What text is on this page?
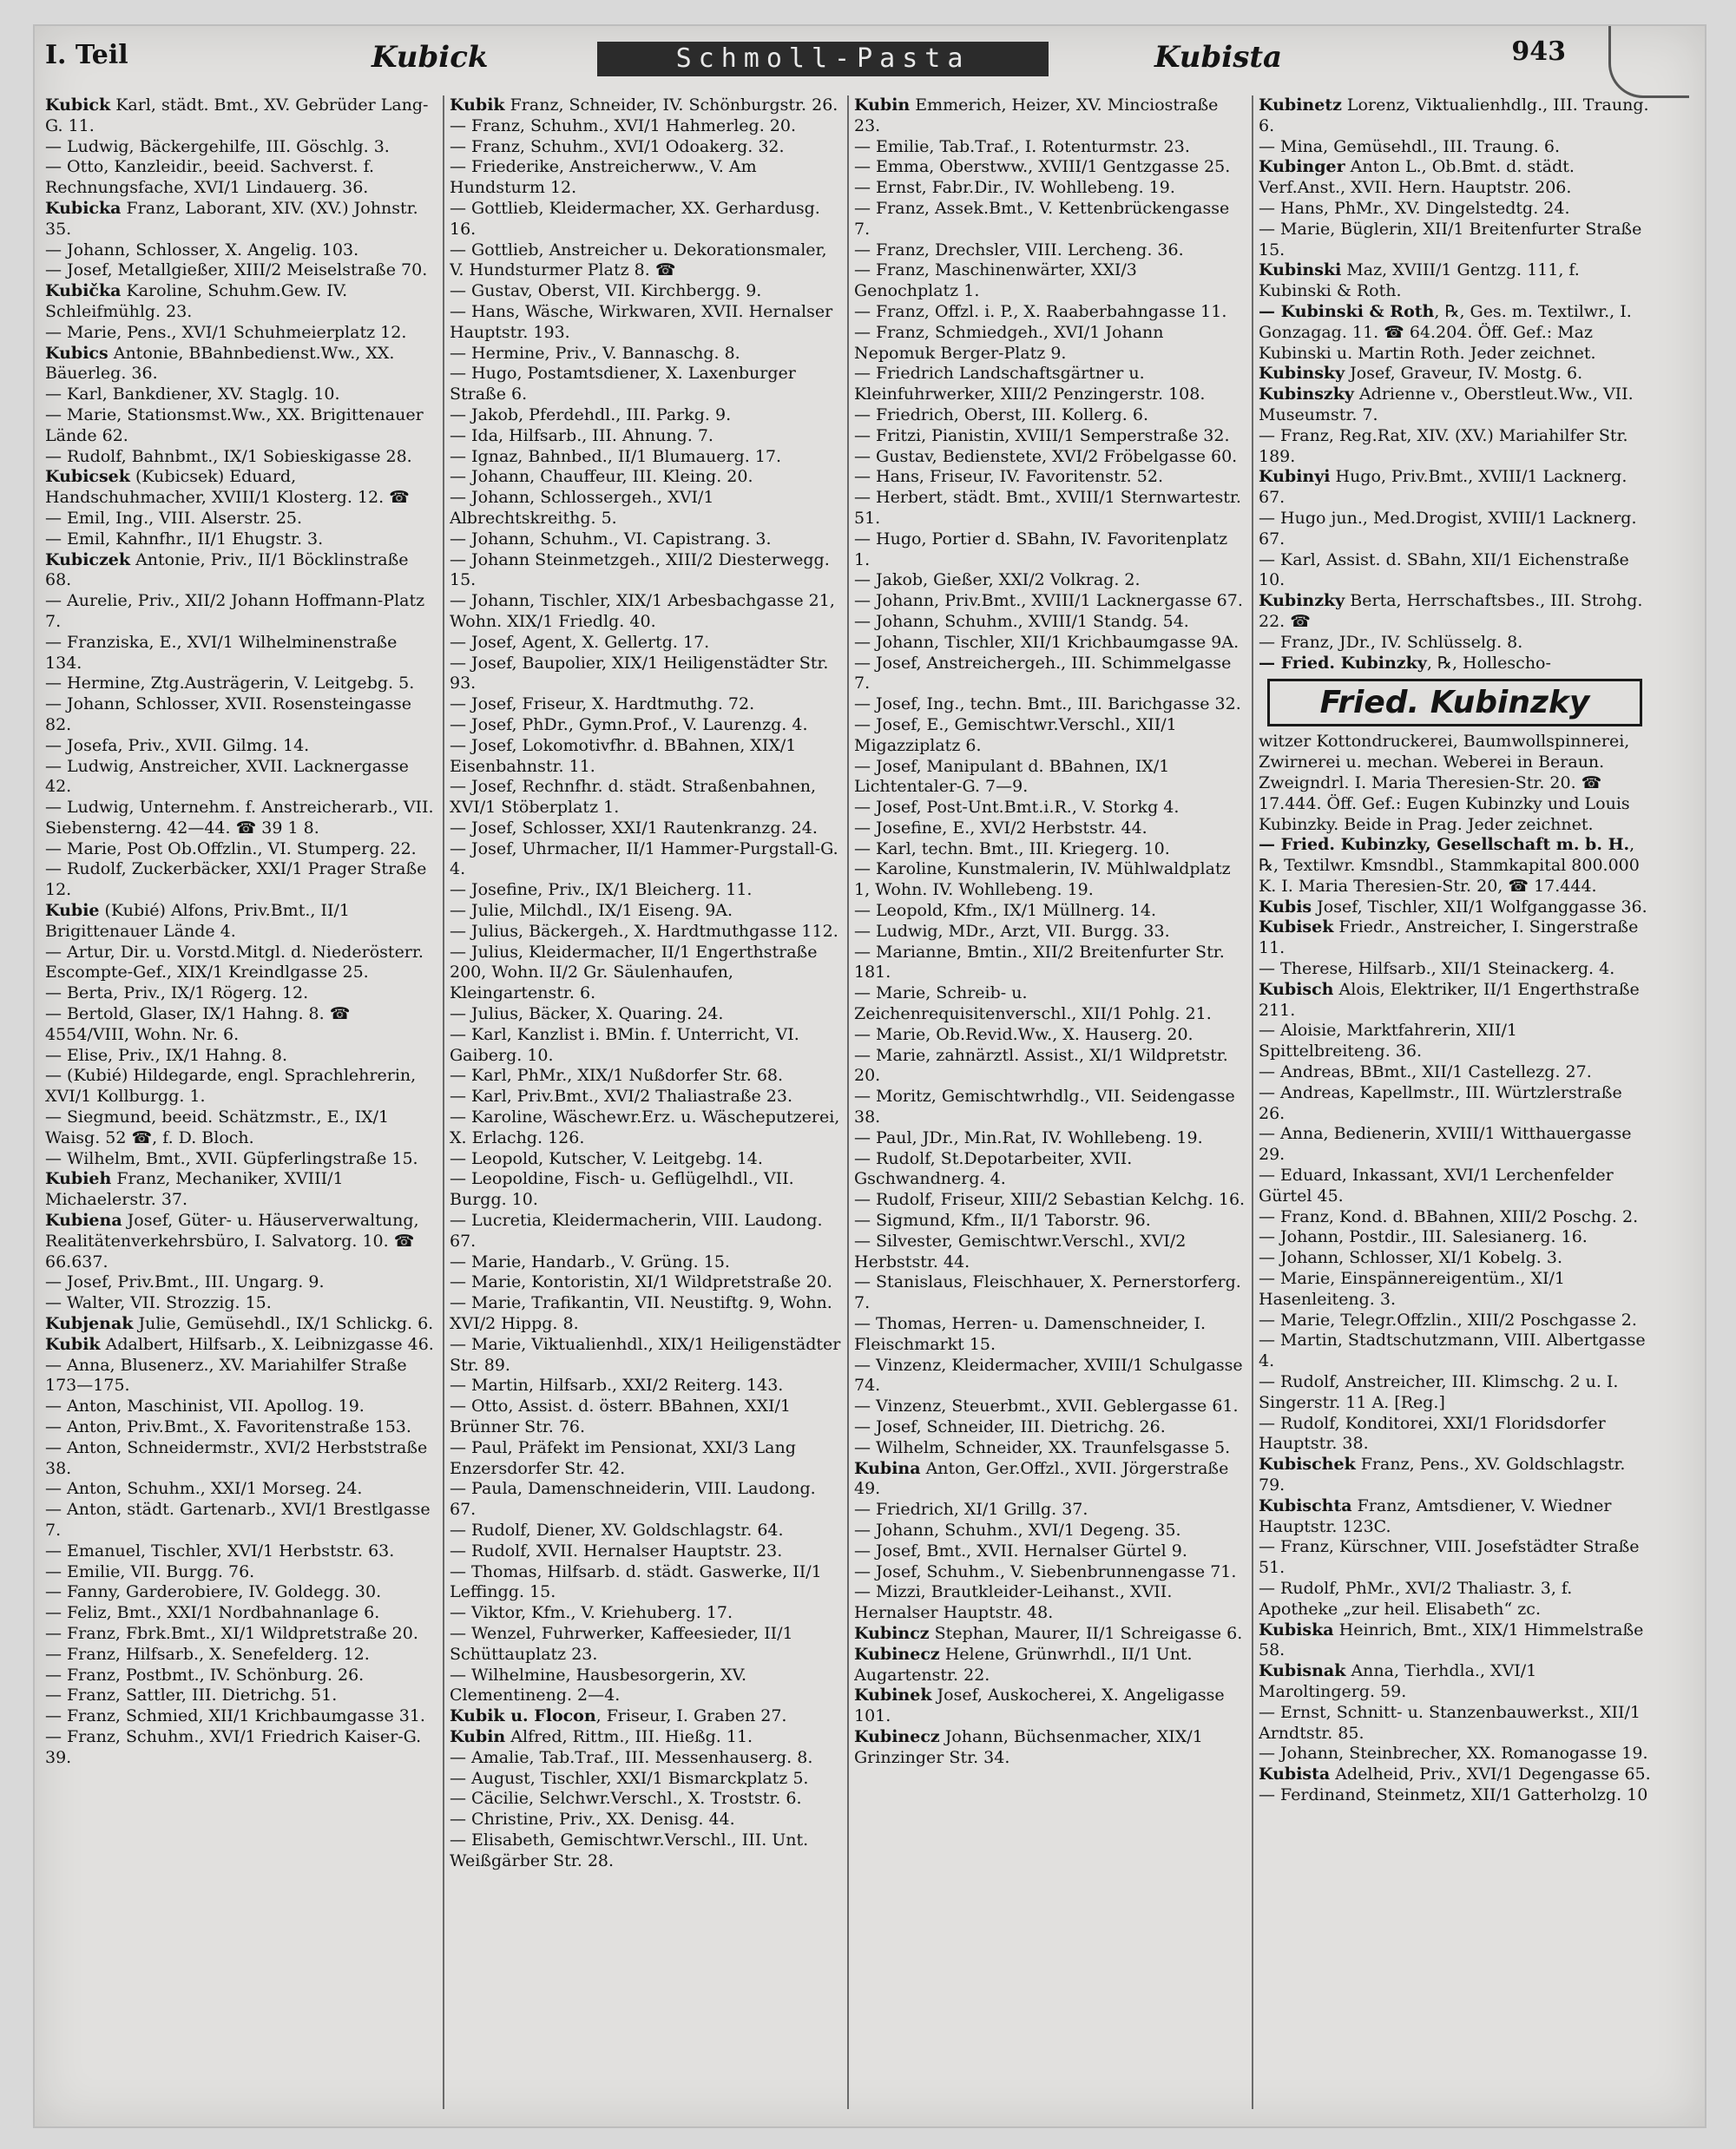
I. Teil	Kubick	Schmoll-Pasta	Kubista	943

Kubick Karl, städt. Bmt., XV. Gebrüder Lang-G. 11.

— Ludwig, Bäckergehilfe, III. Göschlg. 3.

— Otto, Kanzleidir., beeid. Sachverst. f. Rechnungsfache, XVI/1 Lindauerg. 36.

Kubicka Franz, Laborant, XIV. (XV.) Johnstr. 35.

— Johann, Schlosser, X. Angelig. 103.

— Josef, Metallgießer, XIII/2 Meiselstraße 70.

Kubička Karoline, Schuhm.Gew. IV. Schleifmühlg. 23.

— Marie, Pens., XVI/1 Schuhmeierplatz 12.

Kubics Antonie, BBahnbedienst.Ww., XX. Bäuerleg. 36.

— Karl, Bankdiener, XV. Staglg. 10.

— Marie, Stationsmst.Ww., XX. Brigittenauer Lände 62.

— Rudolf, Bahnbmt., IX/1 Sobieskigasse 28.

Kubicsek (Kubicsek) Eduard, Handschuhmacher, XVIII/1 Klosterg. 12. ☎

— Emil, Ing., VIII. Alserstr. 25.

— Emil, Kahnfhr., II/1 Ehugstr. 3.

Kubiczek Antonie, Priv., II/1 Böcklinstraße 68.

— Aurelie, Priv., XII/2 Johann Hoffmann-Platz 7.

— Franziska, E., XVI/1 Wilhelminenstraße 134.

— Hermine, Ztg.Austrägerin, V. Leitgebg. 5.

— Johann, Schlosser, XVII. Rosensteingasse 82.

— Josefa, Priv., XVII. Gilmg. 14.

— Ludwig, Anstreicher, XVII. Lacknergasse 42.

— Ludwig, Unternehm. f. Anstreicherarb., VII. Siebensterng. 42—44. ☎ 39 1 8.

— Marie, Post Ob.Offzlin., VI. Stumperg. 22.

— Rudolf, Zuckerbäcker, XXI/1 Prager Straße 12.

Kubie (Kubié) Alfons, Priv.Bmt., II/1 Brigittenauer Lände 4.

— Artur, Dir. u. Vorstd.Mitgl. d. Niederösterr. Escompte-Gef., XIX/1 Kreindlgasse 25.

— Berta, Priv., IX/1 Rögerg. 12.

— Bertold, Glaser, IX/1 Hahng. 8. ☎ 4554/VIII, Wohn. Nr. 6.

— Elise, Priv., IX/1 Hahng. 8.

— (Kubié) Hildegarde, engl. Sprachlehrerin, XVI/1 Kollburgg. 1.

— Siegmund, beeid. Schätzmstr., E., IX/1 Waisg. 52 ☎, f. D. Bloch.

— Wilhelm, Bmt., XVII. Güpferlingstraße 15.

Kubieh Franz, Mechaniker, XVIII/1 Michaelerstr. 37.

Kubiena Josef, Güter- u. Häuserverwaltung, Realitätenverkehrsbüro, I. Salvatorg. 10. ☎ 66.637.

— Josef, Priv.Bmt., III. Ungarg. 9.

— Walter, VII. Strozzig. 15.

Kubjenak Julie, Gemüsehdl., IX/1 Schlickg. 6.

Kubik Adalbert, Hilfsarb., X. Leibnizgasse 46.

— Anna, Blusenerz., XV. Mariahilfer Straße 173—175.

— Anton, Maschinist, VII. Apollog. 19.

— Anton, Priv.Bmt., X. Favoritenstraße 153.

— Anton, Schneidermstr., XVI/2 Herbststraße 38.

— Anton, Schuhm., XXI/1 Morseg. 24.

— Anton, städt. Gartenarb., XVI/1 Brestlgasse 7.

— Emanuel, Tischler, XVI/1 Herbststr. 63.

— Emilie, VII. Burgg. 76.

— Fanny, Garderobiere, IV. Goldegg. 30.

— Feliz, Bmt., XXI/1 Nordbahnanlage 6.

— Franz, Fbrk.Bmt., XI/1 Wildpretstraße 20.

— Franz, Hilfsarb., X. Senefelderg. 12.

— Franz, Postbmt., IV. Schönburg. 26.

— Franz, Sattler, III. Dietrichg. 51.

— Franz, Schmied, XII/1 Krichbaumgasse 31.

— Franz, Schuhm., XVI/1 Friedrich Kaiser-G. 39.

Kubik Franz, Schneider, IV. Schönburgstr. 26.

— Franz, Schuhm., XVI/1 Hahmerleg. 20.

— Franz, Schuhm., XVI/1 Odoakerg. 32.

— Friederike, Anstreicherww., V. Am Hundsturm 12.

— Gottlieb, Kleidermacher, XX. Gerhardusg. 16.

— Gottlieb, Anstreicher u. Dekorationsmaler, V. Hundsturmer Platz 8. ☎

— Gustav, Oberst, VII. Kirchbergg. 9.

— Hans, Wäsche, Wirkwaren, XVII. Hernalser Hauptstr. 193.

— Hermine, Priv., V. Bannaschg. 8.

— Hugo, Postamtsdiener, X. Laxenburger Straße 6.

— Jakob, Pferdehdl., III. Parkg. 9.

— Ida, Hilfsarb., III. Ahnung. 7.

— Ignaz, Bahnbed., II/1 Blumauerg. 17.

— Johann, Chauffeur, III. Kleing. 20.

— Johann, Schlossergeh., XVI/1 Albrechtskreithg. 5.

— Johann, Schuhm., VI. Capistrang. 3.

— Johann Steinmetzgeh., XIII/2 Diesterwegg. 15.

— Johann, Tischler, XIX/1 Arbesbachgasse 21, Wohn. XIX/1 Friedlg. 40.

— Josef, Agent, X. Gellertg. 17.

— Josef, Baupolier, XIX/1 Heiligenstädter Str. 93.

— Josef, Friseur, X. Hardtmuthg. 72.

— Josef, PhDr., Gymn.Prof., V. Laurenzg. 4.

— Josef, Lokomotivfhr. d. BBahnen, XIX/1 Eisenbahnstr. 11.

— Josef, Rechnfhr. d. städt. Straßenbahnen, XVI/1 Stöberplatz 1.

— Josef, Schlosser, XXI/1 Rautenkranzg. 24.

— Josef, Uhrmacher, II/1 Hammer-Purgstall-G. 4.

— Josefine, Priv., IX/1 Bleicherg. 11.

— Julie, Milchdl., IX/1 Eiseng. 9A.

— Julius, Bäckergeh., X. Hardtmuthgasse 112.

— Julius, Kleidermacher, II/1 Engerthstraße 200, Wohn. II/2 Gr. Säulenhaufen, Kleingartenstr. 6.

— Julius, Bäcker, X. Quaring. 24.

— Karl, Kanzlist i. BMin. f. Unterricht, VI. Gaiberg. 10.

— Karl, PhMr., XIX/1 Nußdorfer Str. 68.

— Karl, Priv.Bmt., XVI/2 Thaliastraße 23.

— Karoline, Wäschewr.Erz. u. Wäscheputzerei, X. Erlachg. 126.

— Leopold, Kutscher, V. Leitgebg. 14.

— Leopoldine, Fisch- u. Geflügelhdl., VII. Burgg. 10.

— Lucretia, Kleidermacherin, VIII. Laudong. 67.

— Marie, Handarb., V. Grüng. 15.

— Marie, Kontoristin, XI/1 Wildpretstraße 20.

— Marie, Trafikantin, VII. Neustiftg. 9, Wohn. XVI/2 Hippg. 8.

— Marie, Viktualienhdl., XIX/1 Heiligenstädter Str. 89.

— Martin, Hilfsarb., XXI/2 Reiterg. 143.

— Otto, Assist. d. österr. BBahnen, XXI/1 Brünner Str. 76.

— Paul, Präfekt im Pensionat, XXI/3 Lang Enzersdorfer Str. 42.

— Paula, Damenschneiderin, VIII. Laudong. 67.

— Rudolf, Diener, XV. Goldschlagstr. 64.

— Rudolf, XVII. Hernalser Hauptstr. 23.

— Thomas, Hilfsarb. d. städt. Gaswerke, II/1 Leffingg. 15.

— Viktor, Kfm., V. Kriehuberg. 17.

— Wenzel, Fuhrwerker, Kaffeesieder, II/1 Schüttauplatz 23.

— Wilhelmine, Hausbesorgerin, XV. Clementineng. 2—4.

Kubik u. Flocon, Friseur, I. Graben 27.

Kubin Alfred, Rittm., III. Hießg. 11.

— Amalie, Tab.Traf., III. Messenhauserg. 8.

— August, Tischler, XXI/1 Bismarckplatz 5.

— Cäcilie, Selchwr.Verschl., X. Troststr. 6.

— Christine, Priv., XX. Denisg. 44.

— Elisabeth, Gemischtwr.Verschl., III. Unt. Weißgärber Str. 28.

Kubin Emmerich, Heizer, XV. Minciostraße 23.

— Emilie, Tab.Traf., I. Rotenturmstr. 23.

— Emma, Oberstww., XVIII/1 Gentzgasse 25.

— Ernst, Fabr.Dir., IV. Wohllebeng. 19.

— Franz, Assek.Bmt., V. Kettenbrückengasse 7.

— Franz, Drechsler, VIII. Lercheng. 36.

— Franz, Maschinenwärter, XXI/3 Genochplatz 1.

— Franz, Offzl. i. P., X. Raaberbahngasse 11.

— Franz, Schmiedgeh., XVI/1 Johann Nepomuk Berger-Platz 9.

— Friedrich Landschaftsgärtner u. Kleinfuhrwerker, XIII/2 Penzingerstr. 108.

— Friedrich, Oberst, III. Kollerg. 6.

— Fritzi, Pianistin, XVIII/1 Semperstraße 32.

— Gustav, Bedienstete, XVI/2 Fröbelgasse 60.

— Hans, Friseur, IV. Favoritenstr. 52.

— Herbert, städt. Bmt., XVIII/1 Sternwartestr. 51.

— Hugo, Portier d. SBahn, IV. Favoritenplatz 1.

— Jakob, Gießer, XXI/2 Volkrag. 2.

— Johann, Priv.Bmt., XVIII/1 Lacknergasse 67.

— Johann, Schuhm., XVIII/1 Standg. 54.

— Johann, Tischler, XII/1 Krichbaumgasse 9A.

— Josef, Anstreichergeh., III. Schimmelgasse 7.

— Josef, Ing., techn. Bmt., III. Barichgasse 32.

— Josef, E., Gemischtwr.Verschl., XII/1 Migazziplatz 6.

— Josef, Manipulant d. BBahnen, IX/1 Lichtentaler-G. 7—9.

— Josef, Post-Unt.Bmt.i.R., V. Storkg 4.

— Josefine, E., XVI/2 Herbststr. 44.

— Karl, techn. Bmt., III. Kriegerg. 10.

— Karoline, Kunstmalerin, IV. Mühlwaldplatz 1, Wohn. IV. Wohllebeng. 19.

— Leopold, Kfm., IX/1 Müllnerg. 14.

— Ludwig, MDr., Arzt, VII. Burgg. 33.

— Marianne, Bmtin., XII/2 Breitenfurter Str. 181.

— Marie, Schreib- u. Zeichenrequisitenverschl., XII/1 Pohlg. 21.

— Marie, Ob.Revid.Ww., X. Hauserg. 20.

— Marie, zahnärztl. Assist., XI/1 Wildpretstr. 20.

— Moritz, Gemischtwrhdlg., VII. Seidengasse 38.

— Paul, JDr., Min.Rat, IV. Wohllebeng. 19.

— Rudolf, St.Depotarbeiter, XVII. Gschwandnerg. 4.

— Rudolf, Friseur, XIII/2 Sebastian Kelchg. 16.

— Sigmund, Kfm., II/1 Taborstr. 96.

— Silvester, Gemischtwr.Verschl., XVI/2 Herbststr. 44.

— Stanislaus, Fleischhauer, X. Pernerstorferg. 7.

— Thomas, Herren- u. Damenschneider, I. Fleischmarkt 15.

— Vinzenz, Kleidermacher, XVIII/1 Schulgasse 74.

— Vinzenz, Steuerbmt., XVII. Geblergasse 61.

— Josef, Schneider, III. Dietrichg. 26.

— Wilhelm, Schneider, XX. Traunfelsgasse 5.

Kubina Anton, Ger.Offzl., XVII. Jörgerstraße 49.

— Friedrich, XI/1 Grillg. 37.

— Johann, Schuhm., XVI/1 Degeng. 35.

— Josef, Bmt., XVII. Hernalser Gürtel 9.

— Josef, Schuhm., V. Siebenbrunnengasse 71.

— Mizzi, Brautkleider-Leihanst., XVII. Hernalser Hauptstr. 48.

Kubincz Stephan, Maurer, II/1 Schreigasse 6.

Kubinecz Helene, Grünwrhdl., II/1 Unt. Augartenstr. 22.

Kubinek Josef, Auskocherei, X. Angeligasse 101.

Kubinecz Johann, Büchsenmacher, XIX/1 Grinzinger Str. 34.

Kubinetz Lorenz, Viktualienhdlg., III. Traung. 6.

— Mina, Gemüsehdl., III. Traung. 6.

Kubinger Anton L., Ob.Bmt. d. städt. Verf.Anst., XVII. Hern. Hauptstr. 206.

— Hans, PhMr., XV. Dingelstedtg. 24.

— Marie, Büglerin, XII/1 Breitenfurter Straße 15.

Kubinski Maz, XVIII/1 Gentzg. 111, f. Kubinski & Roth.

— Kubinski & Roth, ℞, Ges. m. Textilwr., I. Gonzagag. 11. ☎ 64.204. Öff. Gef.: Maz Kubinski u. Martin Roth. Jeder zeichnet.

Kubinsky Josef, Graveur, IV. Mostg. 6.

Kubinszky Adrienne v., Oberstleut.Ww., VII. Museumstr. 7.

— Franz, Reg.Rat, XIV. (XV.) Mariahilfer Str. 189.

Kubinyi Hugo, Priv.Bmt., XVIII/1 Lacknerg. 67.

— Hugo jun., Med.Drogist, XVIII/1 Lacknerg. 67.

— Karl, Assist. d. SBahn, XII/1 Eichenstraße 10.

Kubinzky Berta, Herrschaftsbes., III. Strohg. 22. ☎

— Franz, JDr., IV. Schlüsselg. 8.

— Fried. Kubinzky, ℞, Hollescho-

Fried. Kubinzky

witzer Kottondruckerei, Baumwollspinnerei, Zwirnerei u. mechan. Weberei in Beraun. Zweigndrl. I. Maria Theresien-Str. 20. ☎ 17.444. Öff. Gef.: Eugen Kubinzky und Louis Kubinzky. Beide in Prag. Jeder zeichnet.

— Fried. Kubinzky, Gesellschaft m. b. H., ℞, Textilwr. Kmsndbl., Stammkapital 800.000 K. I. Maria Theresien-Str. 20, ☎ 17.444.

Kubis Josef, Tischler, XII/1 Wolfganggasse 36.

Kubisek Friedr., Anstreicher, I. Singerstraße 11.

— Therese, Hilfsarb., XII/1 Steinackerg. 4.

Kubisch Alois, Elektriker, II/1 Engerthstraße 211.

— Aloisie, Marktfahrerin, XII/1 Spittelbreiteng. 36.

— Andreas, BBmt., XII/1 Castellezg. 27.

— Andreas, Kapellmstr., III. Würtzlerstraße 26.

— Anna, Bedienerin, XVIII/1 Witthauergasse 29.

— Eduard, Inkassant, XVI/1 Lerchenfelder Gürtel 45.

— Franz, Kond. d. BBahnen, XIII/2 Poschg. 2.

— Johann, Postdir., III. Salesianerg. 16.

— Johann, Schlosser, XI/1 Kobelg. 3.

— Marie, Einspännereigentüm., XI/1 Hasenleiteng. 3.

— Marie, Telegr.Offzlin., XIII/2 Poschgasse 2.

— Martin, Stadtschutzmann, VIII. Albertgasse 4.

— Rudolf, Anstreicher, III. Klimschg. 2 u. I. Singerstr. 11 A. [Reg.]

— Rudolf, Konditorei, XXI/1 Floridsdorfer Hauptstr. 38.

Kubischek Franz, Pens., XV. Goldschlagstr. 79.

Kubischta Franz, Amtsdiener, V. Wiedner Hauptstr. 123C.

— Franz, Kürschner, VIII. Josefstädter Straße 51.

— Rudolf, PhMr., XVI/2 Thaliastr. 3, f. Apotheke „zur heil. Elisabeth“ zc.

Kubiska Heinrich, Bmt., XIX/1 Himmelstraße 58.

Kubisnak Anna, Tierhdla., XVI/1 Maroltingerg. 59.

— Ernst, Schnitt- u. Stanzenbauwerkst., XII/1 Arndtstr. 85.

— Johann, Steinbrecher, XX. Romanogasse 19.

Kubista Adelheid, Priv., XVI/1 Degengasse 65.

— Ferdinand, Steinmetz, XII/1 Gatterholzg. 10
